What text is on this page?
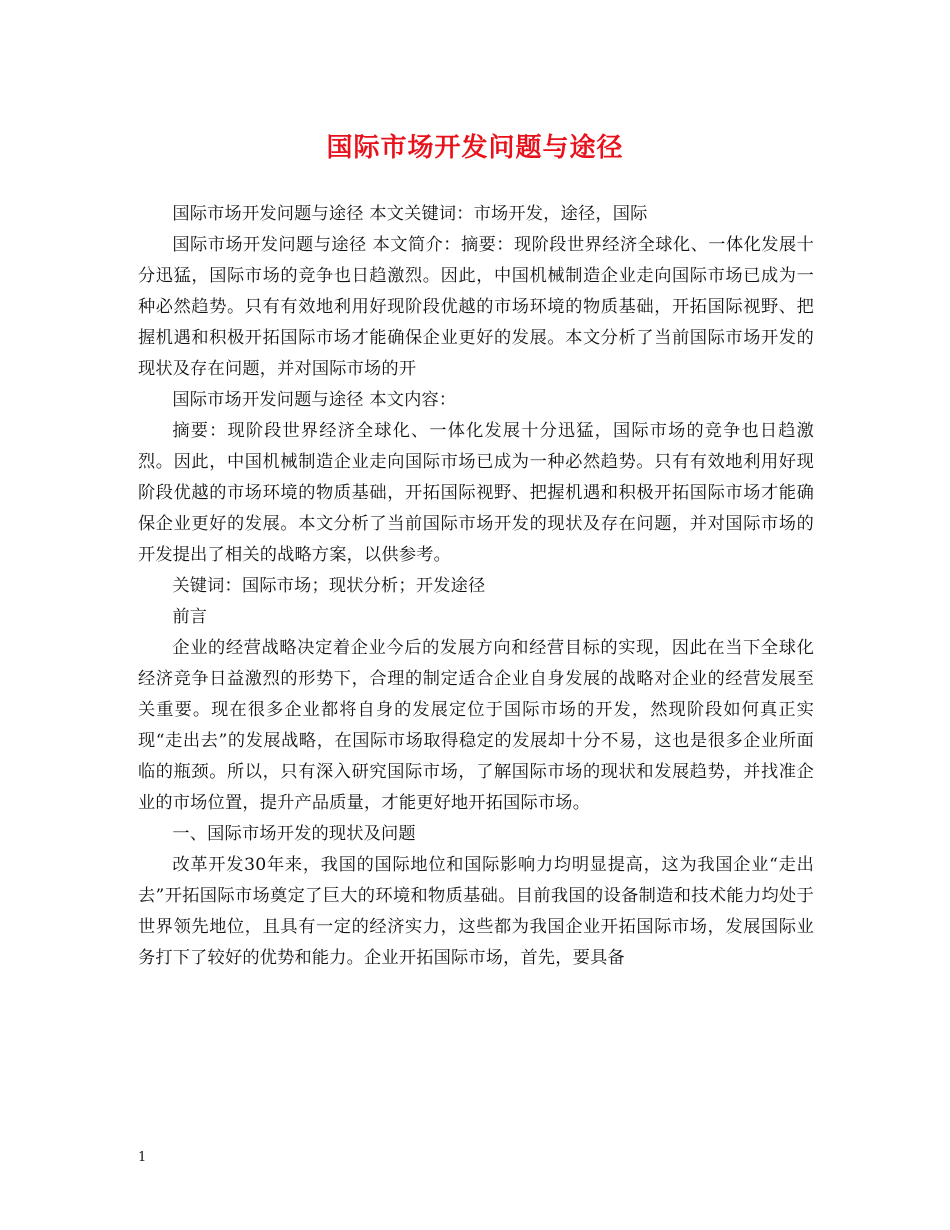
国际市场开发问题与途径

国际市场开发问题与途径 本文关键词：市场开发，途径，国际

国际市场开发问题与途径 本文简介：摘要：现阶段世界经济全球化、一体化发展十分迅猛，国际市场的竞争也日趋激烈。因此，中国机械制造企业走向国际市场已成为一种必然趋势。只有有效地利用好现阶段优越的市场环境的物质基础，开拓国际视野、把握机遇和积极开拓国际市场才能确保企业更好的发展。本文分析了当前国际市场开发的现状及存在问题，并对国际市场的开

国际市场开发问题与途径 本文内容：

摘要：现阶段世界经济全球化、一体化发展十分迅猛，国际市场的竞争也日趋激烈。因此，中国机械制造企业走向国际市场已成为一种必然趋势。只有有效地利用好现阶段优越的市场环境的物质基础，开拓国际视野、把握机遇和积极开拓国际市场才能确保企业更好的发展。本文分析了当前国际市场开发的现状及存在问题，并对国际市场的开发提出了相关的战略方案，以供参考。

关键词：国际市场；现状分析；开发途径

前言

企业的经营战略决定着企业今后的发展方向和经营目标的实现，因此在当下全球化经济竞争日益激烈的形势下，合理的制定适合企业自身发展的战略对企业的经营发展至关重要。现在很多企业都将自身的发展定位于国际市场的开发，然现阶段如何真正实现“走出去”的发展战略，在国际市场取得稳定的发展却十分不易，这也是很多企业所面临的瓶颈。所以，只有深入研究国际市场，了解国际市场的现状和发展趋势，并找准企业的市场位置，提升产品质量，才能更好地开拓国际市场。

一、国际市场开发的现状及问题

改革开发30年来，我国的国际地位和国际影响力均明显提高，这为我国企业“走出去”开拓国际市场奠定了巨大的环境和物质基础。目前我国的设备制造和技术能力均处于世界领先地位，且具有一定的经济实力，这些都为我国企业开拓国际市场，发展国际业务打下了较好的优势和能力。企业开拓国际市场，首先，要具备

1
